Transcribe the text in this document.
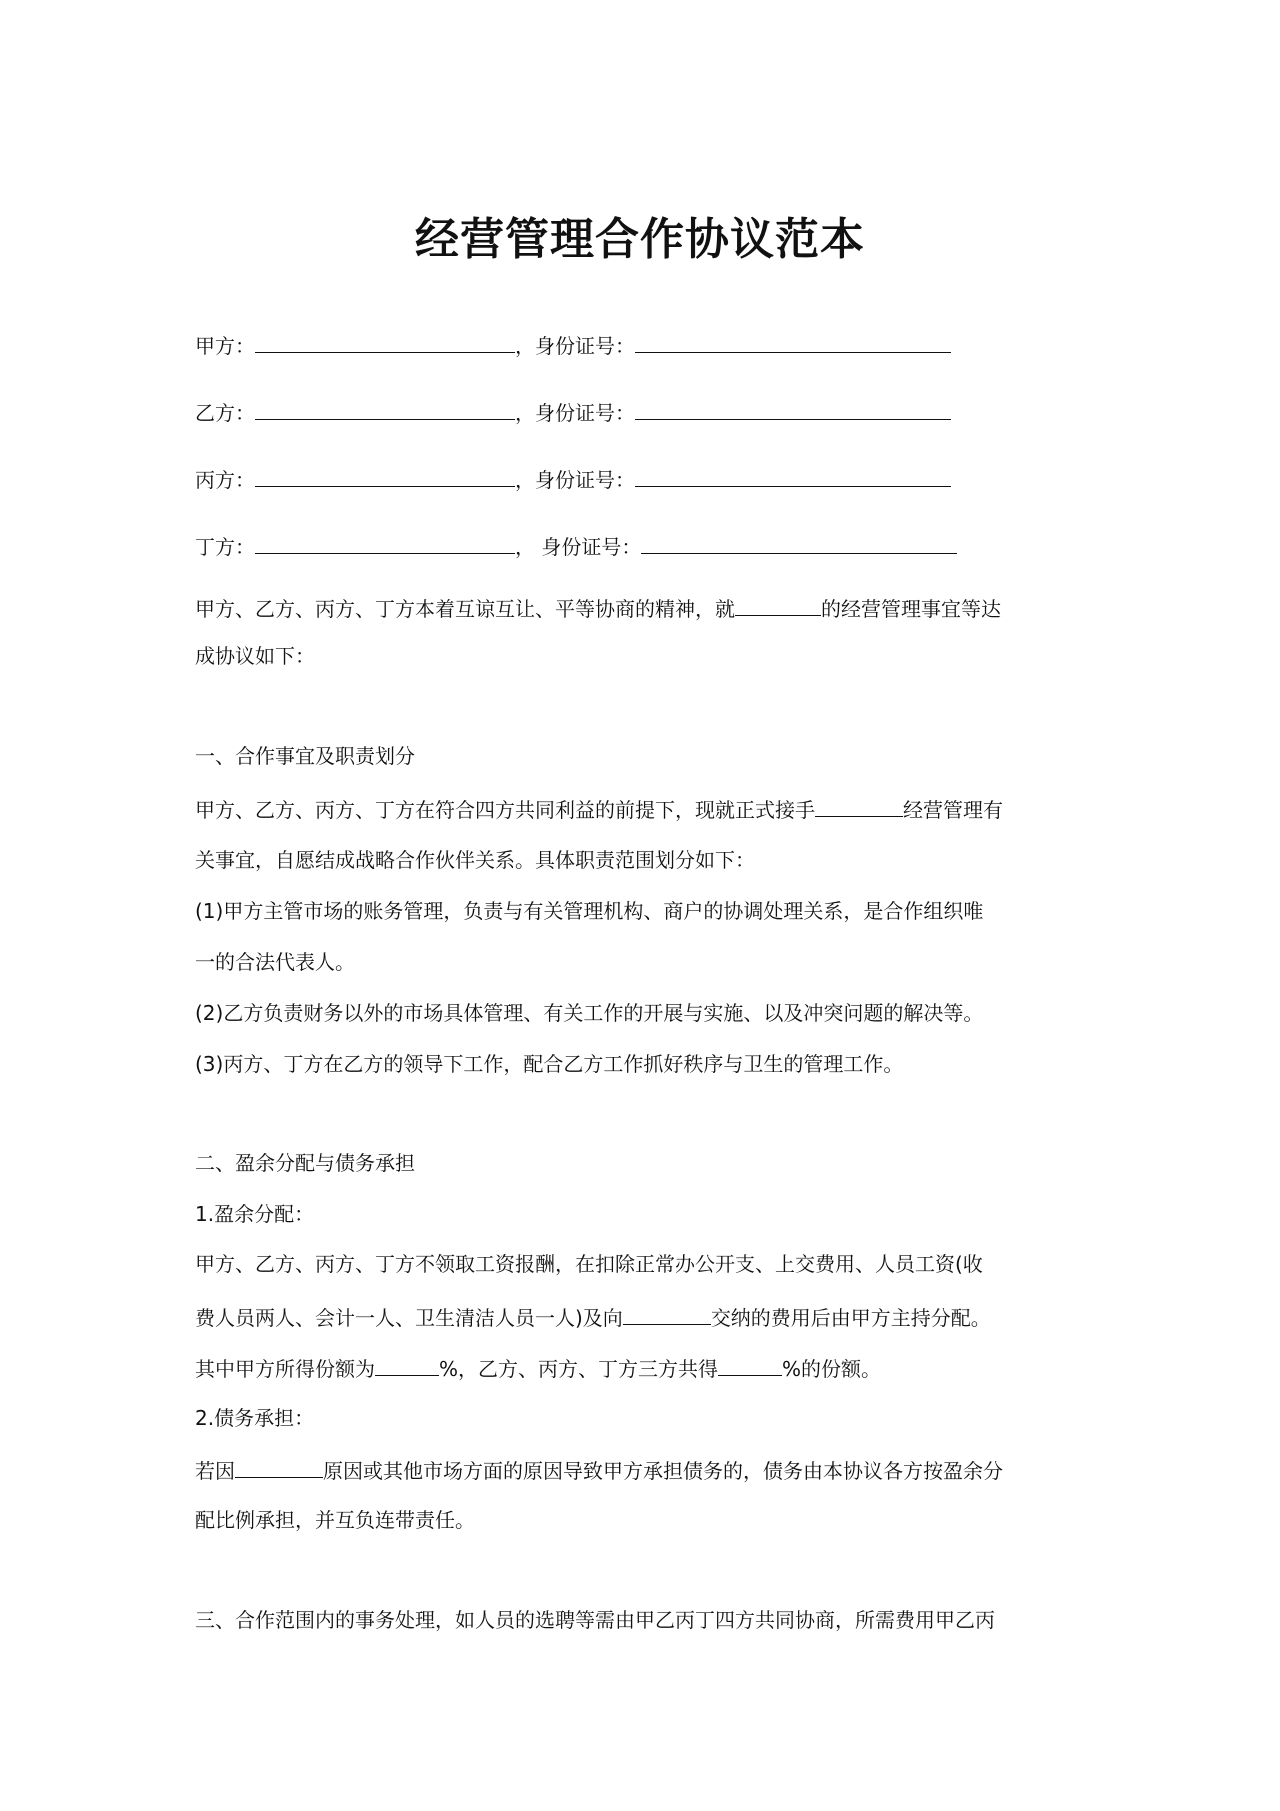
经营管理合作协议范本
甲方：	，身份证号：
乙方：	，身份证号：
丙方：	，身份证号：
丁方：	， 身份证号：
甲方、乙方、丙方、丁方本着互谅互让、平等协商的精神，就	的经营管理事宜等达
成协议如下：
一、合作事宜及职责划分
甲方、乙方、丙方、丁方在符合四方共同利益的前提下，现就正式接手	经营管理有
关事宜，自愿结成战略合作伙伴关系。具体职责范围划分如下：
(1)甲方主管市场的账务管理，负责与有关管理机构、商户的协调处理关系，是合作组织唯
一的合法代表人。
(2)乙方负责财务以外的市场具体管理、有关工作的开展与实施、以及冲突问题的解决等。
(3)丙方、丁方在乙方的领导下工作，配合乙方工作抓好秩序与卫生的管理工作。
二、盈余分配与债务承担
1.盈余分配：
甲方、乙方、丙方、丁方不领取工资报酬，在扣除正常办公开支、上交费用、人员工资(收
费人员两人、会计一人、卫生清洁人员一人)及向	交纳的费用后由甲方主持分配。
其中甲方所得份额为	%，乙方、丙方、丁方三方共得	%的份额。
2.债务承担：
若因	原因或其他市场方面的原因导致甲方承担债务的，债务由本协议各方按盈余分
配比例承担，并互负连带责任。
三、合作范围内的事务处理，如人员的选聘等需由甲乙丙丁四方共同协商，所需费用甲乙丙
